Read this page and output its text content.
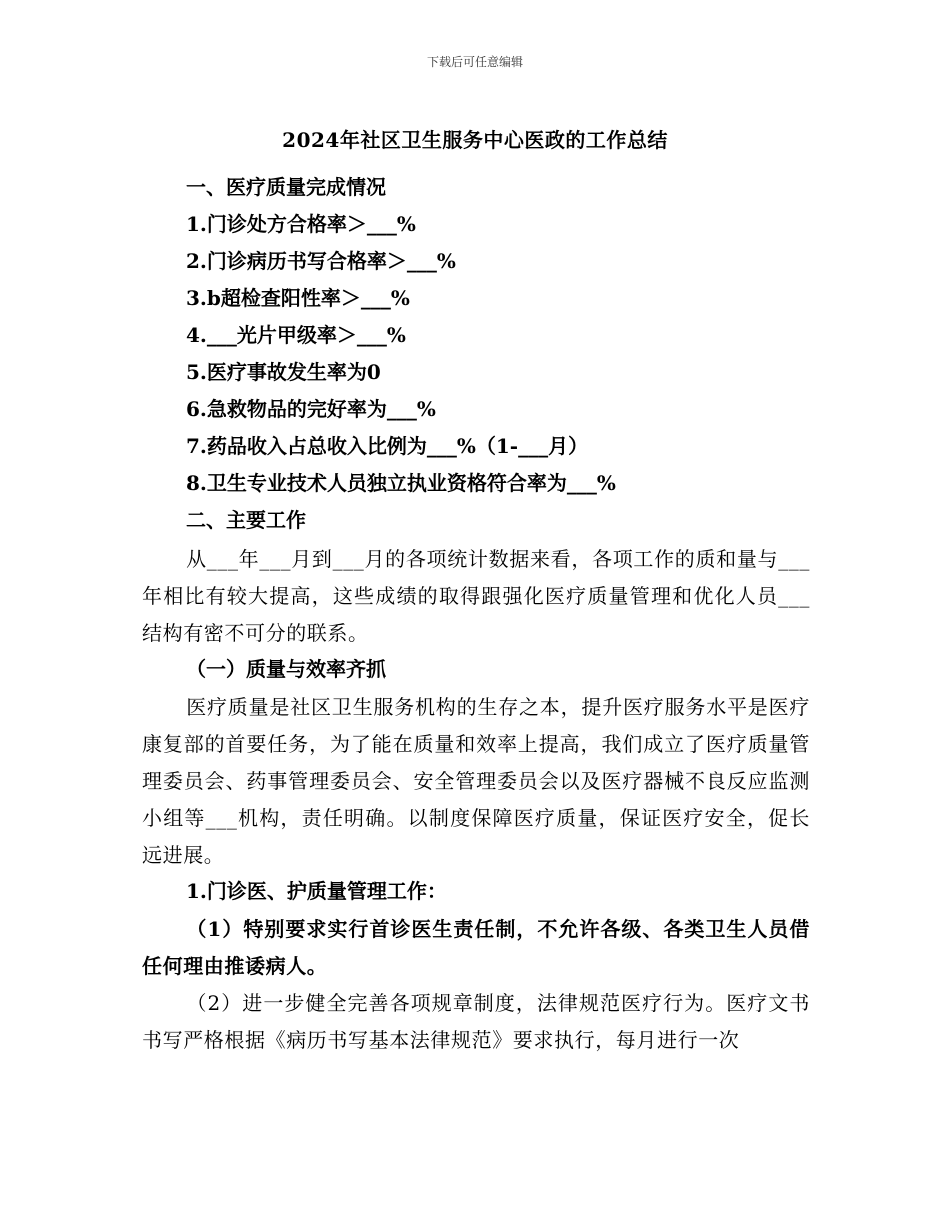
下载后可任意编辑
2024年社区卫生服务中心医政的工作总结
一、医疗质量完成情况
1.门诊处方合格率＞___%
2.门诊病历书写合格率＞___%
3.b超检查阳性率＞___%
4.___光片甲级率＞___%
5.医疗事故发生率为0
6.急救物品的完好率为___%
7.药品收入占总收入比例为___%（1-___月）
8.卫生专业技术人员独立执业资格符合率为___%
二、主要工作
从___年___月到___月的各项统计数据来看，各项工作的质和量与___年相比有较大提高，这些成绩的取得跟强化医疗质量管理和优化人员___结构有密不可分的联系。
（一）质量与效率齐抓
医疗质量是社区卫生服务机构的生存之本，提升医疗服务水平是医疗康复部的首要任务，为了能在质量和效率上提高，我们成立了医疗质量管理委员会、药事管理委员会、安全管理委员会以及医疗器械不良反应监测小组等___机构，责任明确。以制度保障医疗质量，保证医疗安全，促长远进展。
1.门诊医、护质量管理工作：
（1）特别要求实行首诊医生责任制，不允许各级、各类卫生人员借任何理由推诿病人。
（2）进一步健全完善各项规章制度，法律规范医疗行为。医疗文书书写严格根据《病历书写基本法律规范》要求执行，每月进行一次
